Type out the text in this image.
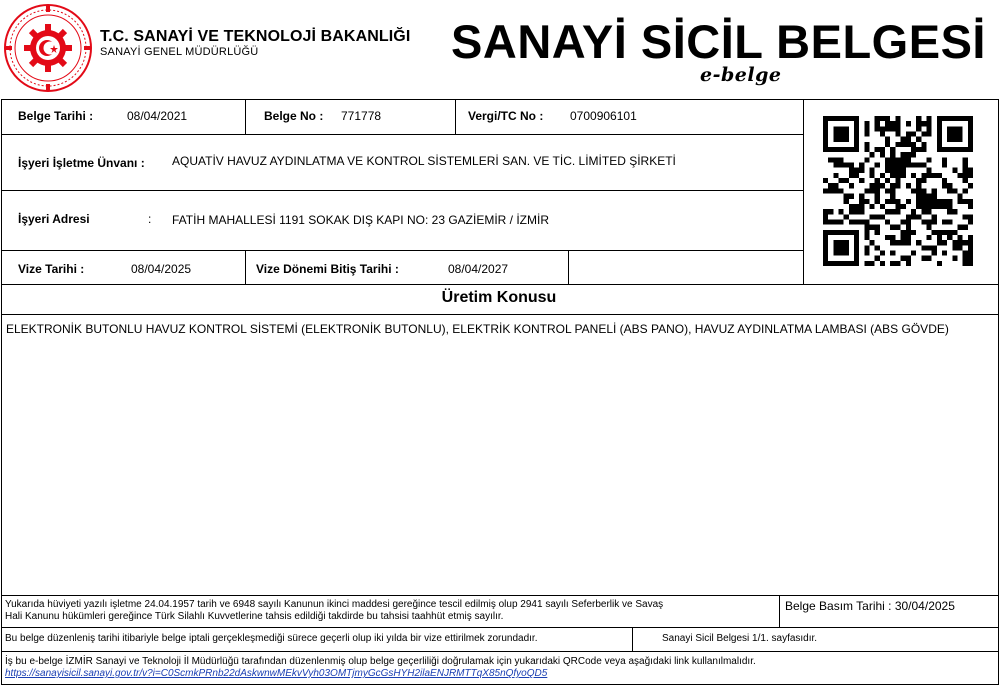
T.C. SANAYİ VE TEKNOLOJİ BAKANLIĞI
SANAYİ GENEL MÜDÜRLÜĞÜ	SANAYİ SİCİL BELGESİ
e-belge
Belge Tarihi :	08/04/2021	Belge No : 771778	Vergi/TC No : 0700906101
İşyeri İşletme Ünvanı : AQUATİV HAVUZ AYDINLATMA VE KONTROL SİSTEMLERİ SAN. VE TİC. LİMİTED ŞİRKETİ
İşyeri Adresi	: FATİH MAHALLESİ 1191 SOKAK DIŞ KAPI NO: 23 GAZİEMİR / İZMİR
Vize Tarihi :	08/04/2025	Vize Dönemi Bitiş Tarihi :	08/04/2027
Üretim Konusu
ELEKTRONİK BUTONLU HAVUZ KONTROL SİSTEMİ (ELEKTRONİK BUTONLU), ELEKTRİK KONTROL PANELİ (ABS PANO), HAVUZ AYDINLATMA LAMBASI (ABS GÖVDE)
Yukarıda hüviyeti yazılı işletme 24.04.1957 tarih ve 6948 sayılı Kanunun ikinci maddesi gereğince tescil edilmiş olup 2941 sayılı Seferberlik ve Savaş
Hali Kanunu hükümleri gereğince Türk Silahlı Kuvvetlerine tahsis edildiği takdirde bu tahsisi taahhüt etmiş sayılır.
Belge Basım Tarihi : 30/04/2025
Bu belge düzenleniş tarihi itibariyle belge iptali gerçekleşmediği sürece geçerli olup iki yılda bir vize ettirilmek zorundadır.	Sanayi Sicil Belgesi 1/1. sayfasıdır.
İş bu e-belge İZMİR Sanayi ve Teknoloji İl Müdürlüğü tarafından düzenlenmiş olup belge geçerliliği doğrulamak için yukarıdaki QRCode veya aşağıdaki link kullanılmalıdır.
https://sanayisicil.sanayi.gov.tr/v?i=C0ScmkPRnb22dAskwnwMEkvVyh03OMTjmyGcGsHYH2ilaENJRMTTqX85nQfyoQD5
